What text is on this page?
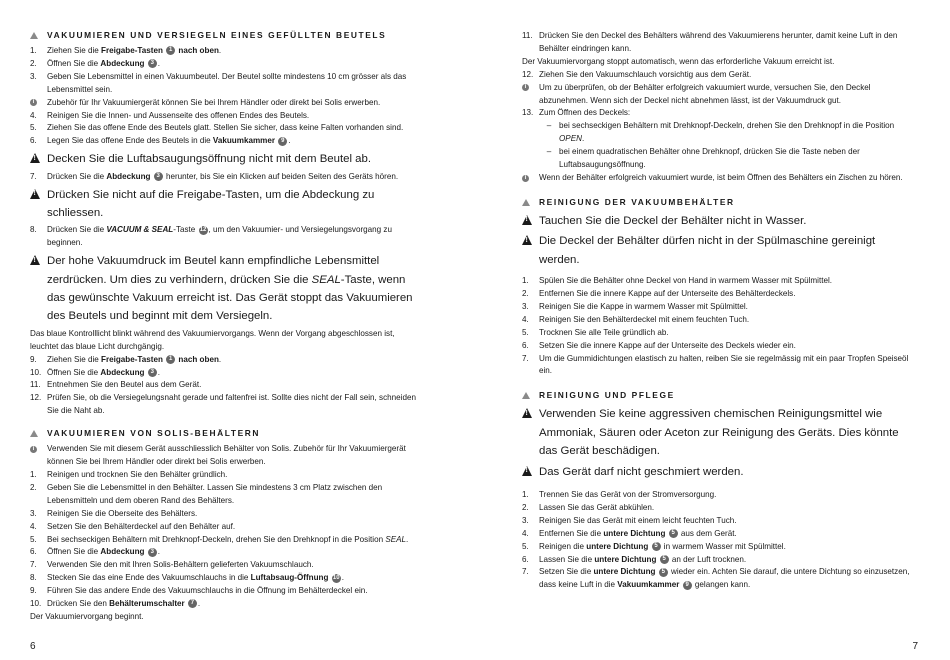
VAKUUMIEREN UND VERSIEGELN EINES GEFÜLLTEN BEUTELS
1.	Ziehen Sie die Freigabe-Tasten 1 nach oben.
2.	Öffnen Sie die Abdeckung 3 .
3.	Geben Sie Lebensmittel in einen Vakuumbeutel. Der Beutel sollte mindestens 10 cm grösser als das Lebensmittel sein.
i	Zubehör für Ihr Vakuumiergerät können Sie bei Ihrem Händler oder direkt bei Solis erwerben.
4.	Reinigen Sie die Innen- und Aussenseite des offenen Endes des Beutels.
5.	Ziehen Sie das offene Ende des Beutels glatt. Stellen Sie sicher, dass keine Falten vorhanden sind.
6.	Legen Sie das offene Ende des Beutels in die Vakuumkammer 9 .
!
Decken Sie die Luftabsaugungsöffnung nicht mit dem Beutel ab.
7.	Drücken Sie die Abdeckung 3 herunter, bis Sie ein Klicken auf beiden Seiten des Geräts hören.
!
Drücken Sie nicht auf die Freigabe-Tasten, um die Abdeckung zu schliessen.
8.	Drücken Sie die VACUUM & SEAL-Taste 12 , um den Vakuumier- und Versiegelungsvorgang zu beginnen.
!
Der hohe Vakuumdruck im Beutel kann empfindliche Lebensmittel zerdrücken. Um dies zu verhindern, drücken Sie die SEAL-Taste, wenn das gewünschte Vakuum erreicht ist. Das Gerät stoppt das Vakuumieren des Beutels und beginnt mit dem Versiegeln.
Das blaue Kontrolllicht blinkt während des Vakuumiervorgangs. Wenn der Vorgang abgeschlossen ist, leuchtet das blaue Licht durchgängig.
9.	Ziehen Sie die Freigabe-Tasten 1 nach oben.
10. Öffnen Sie die Abdeckung 3 .
11. Entnehmen Sie den Beutel aus dem Gerät.
12. Prüfen Sie, ob die Versiegelungsnaht gerade und faltenfrei ist. Sollte dies nicht der Fall sein, schneiden Sie die Naht ab.
VAKUUMIEREN VON SOLIS-BEHÄLTERN
i	Verwenden Sie mit diesem Gerät ausschliesslich Behälter von Solis. Zubehör für Ihr Vakuumiergerät können Sie bei Ihrem Händler oder direkt bei Solis erwerben.
1.	Reinigen und trocknen Sie den Behälter gründlich.
2.	Geben Sie die Lebensmittel in den Behälter. Lassen Sie mindestens 3 cm Platz zwischen den Lebensmitteln und dem oberen Rand des Behälters.
3.	Reinigen Sie die Oberseite des Behälters.
4.	Setzen Sie den Behälterdeckel auf den Behälter auf.
5.	Bei sechseckigen Behältern mit Drehknopf-Deckeln, drehen Sie den Drehknopf in die Position SEAL.
6.	Öffnen Sie die Abdeckung 3 .
7.	Verwenden Sie den mit Ihren Solis-Behältern gelieferten Vakuumschlauch.
8.	Stecken Sie das eine Ende des Vakuumschlauchs in die Luftabsaug-Öffnung 10 .
9.	Führen Sie das andere Ende des Vakuumschlauchs in die Öffnung im Behälterdeckel ein.
10. Drücken Sie den Behälterumschalter 7 .
Der Vakuumiervorgang beginnt.
11. Drücken Sie den Deckel des Behälters während des Vakuumierens herunter, damit keine Luft in den Behälter eindringen kann.
Der Vakuumiervorgang stoppt automatisch, wenn das erforderliche Vakuum erreicht ist.
12. Ziehen Sie den Vakuumschlauch vorsichtig aus dem Gerät.
i	Um zu überprüfen, ob der Behälter erfolgreich vakuumiert wurde, versuchen Sie, den Deckel abzunehmen. Wenn sich der Deckel nicht abnehmen lässt, ist der Vakuumdruck gut.
13. Zum Öffnen des Deckels:
– bei sechseckigen Behältern mit Drehknopf-Deckeln, drehen Sie den Drehknopf in die Position OPEN.
– bei einem quadratischen Behälter ohne Drehknopf, drücken Sie die Taste neben der Luftabsaugungsöffnung.
i	Wenn der Behälter erfolgreich vakuumiert wurde, ist beim Öffnen des Behälters ein Zischen zu hören.
REINIGUNG DER VAKUUMBEHÄLTER
!
Tauchen Sie die Deckel der Behälter nicht in Wasser.
!
Die Deckel der Behälter dürfen nicht in der Spülmaschine gereinigt werden.
1.	Spülen Sie die Behälter ohne Deckel von Hand in warmem Wasser mit Spülmittel.
2.	Entfernen Sie die innere Kappe auf der Unterseite des Behälterdeckels.
3.	Reinigen Sie die Kappe in warmem Wasser mit Spülmittel.
4.	Reinigen Sie den Behälterdeckel mit einem feuchten Tuch.
5.	Trocknen Sie alle Teile gründlich ab.
6.	Setzen Sie die innere Kappe auf der Unterseite des Deckels wieder ein.
7.	Um die Gummidichtungen elastisch zu halten, reiben Sie sie regelmässig mit ein paar Tropfen Speiseöl ein.
REINIGUNG UND PFLEGE
!
Verwenden Sie keine aggressiven chemischen Reinigungsmittel wie Ammoniak, Säuren oder Aceton zur Reinigung des Geräts. Dies könnte das Gerät beschädigen.
!
Das Gerät darf nicht geschmiert werden.
1.	Trennen Sie das Gerät von der Stromversorgung.
2.	Lassen Sie das Gerät abkühlen.
3.	Reinigen Sie das Gerät mit einem leicht feuchten Tuch.
4.	Entfernen Sie die untere Dichtung 5 aus dem Gerät.
5.	Reinigen die untere Dichtung 5 in warmem Wasser mit Spülmittel.
6.	Lassen Sie die untere Dichtung 5 an der Luft trocknen.
7.	Setzen Sie die untere Dichtung 5 wieder ein. Achten Sie darauf, die untere Dichtung so einzusetzen, dass keine Luft in die Vakuumkammer 9 gelangen kann.
6	7
